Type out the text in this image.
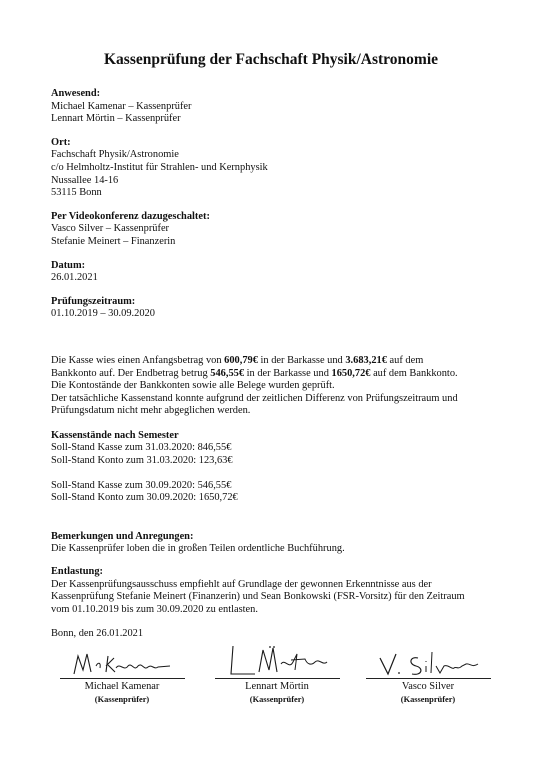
Kassenprüfung der Fachschaft Physik/Astronomie
Anwesend:
Michael Kamenar – Kassenprüfer
Lennart Mörtin – Kassenprüfer
Ort:
Fachschaft Physik/Astronomie
c/o Helmholtz-Institut für Strahlen- und Kernphysik
Nussallee 14-16
53115 Bonn
Per Videokonferenz dazugeschaltet:
Vasco Silver – Kassenprüfer
Stefanie Meinert – Finanzerin
Datum:
26.01.2021
Prüfungszeitraum:
01.10.2019 – 30.09.2020

Die Kasse wies einen Anfangsbetrag von 600,79€ in der Barkasse und 3.683,21€ auf dem

Bankkonto auf. Der Endbetrag betrug 546,55€ in der Barkasse und 1650,72€ auf dem Bankkonto.

Die Kontostände der Bankkonten sowie alle Belege wurden geprüft.

Der tatsächliche Kassenstand konnte aufgrund der zeitlichen Differenz von Prüfungszeitraum und

Prüfungsdatum nicht mehr abgeglichen werden.

Kassenstände nach Semester
Soll-Stand Kasse zum 31.03.2020: 846,55€
Soll-Stand Konto zum 31.03.2020: 123,63€
Soll-Stand Kasse zum 30.09.2020: 546,55€
Soll-Stand Konto zum 30.09.2020: 1650,72€
Bemerkungen und Anregungen:
Die Kassenprüfer loben die in großen Teilen ordentliche Buchführung.
Entlastung:
Der Kassenprüfungsausschuss empfiehlt auf Grundlage der gewonnen Erkenntnisse aus der
Kassenprüfung Stefanie Meinert (Finanzerin) und Sean Bonkowski (FSR-Vorsitz) für den Zeitraum
vom 01.10.2019 bis zum 30.09.2020 zu entlasten.
Bonn, den 26.01.2021
Michael Kamenar
(Kassenprüfer)
Lennart Mörtin
(Kassenprüfer)
Vasco Silver
(Kassenprüfer)
